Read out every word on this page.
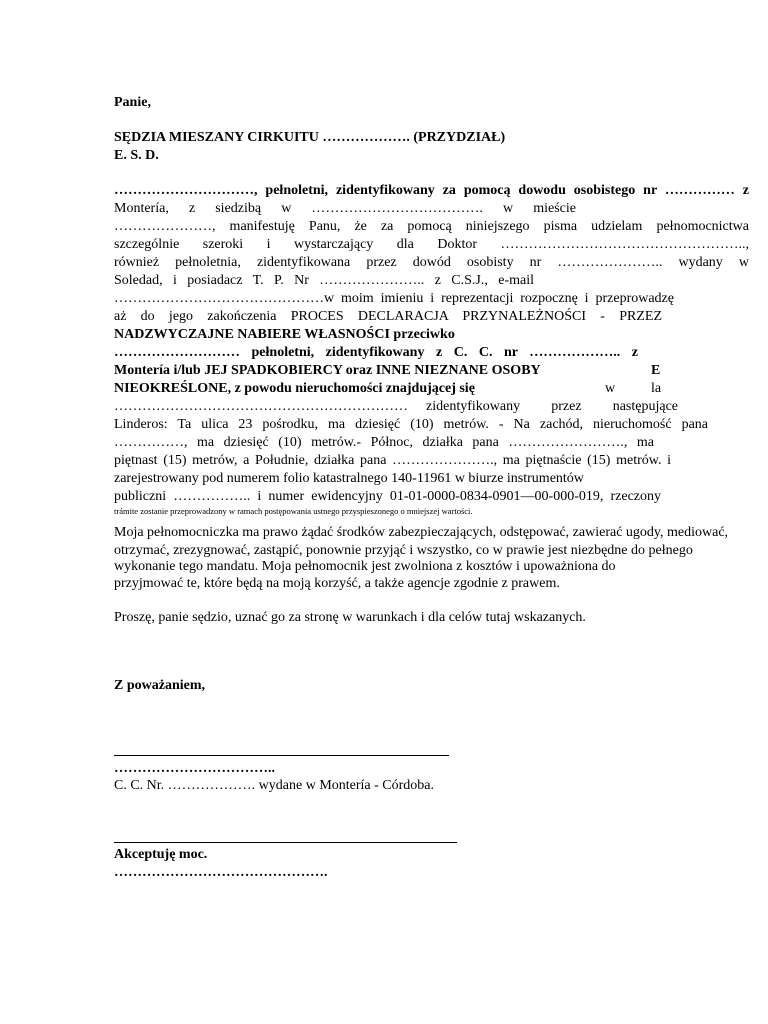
Panie,
SĘDZIA MIESZANY CIRKUITU ………………. (PRZYDZIAŁ)
E. S. D.
…………………………, pełnoletni, zidentyfikowany za pomocą dowodu osobistego nr …………… z
Montería, z siedzibą w ………………………………. w mieście
…………………, manifestuję Panu, że za pomocą niniejszego pisma udzielam pełnomocnictwa
szczególnie szeroki i wystarczający dla Doktor ……………………………………………..,
również pełnoletnia, zidentyfikowana przez dowód osobisty nr ………………….. wydany w
Soledad, i posiadacz T. P. Nr ………………….. z C.S.J., e-mail
………………………………………w moim imieniu i reprezentacji rozpocznę i przeprowadzę
aż do jego zakończenia PROCES DECLARACJA PRZYNALEŻNOŚCI - PRZEZ
NADZWYCZAJNE NABIERE WŁASNOŚCI przeciwko
……………………… pełnoletni, zidentyfikowany z C. C. nr ……………….. z
Montería i/lub JEJ SPADKOBIERCY oraz INNE NIEZNANE OSOBY	E
NIEOKREŚLONE, z powodu nieruchomości znajdującej się	w	la
……………………………………………………… zidentyfikowany przez następujące
Linderos: Ta ulica 23 pośrodku, ma dziesięć (10) metrów. - Na zachód, nieruchomość pana
……………, ma dziesięć (10) metrów.- Północ, działka pana ……………………., ma
piętnast (15) metrów, a Południe, działka pana …………………., ma piętnaście (15) metrów. i
zarejestrowany pod numerem folio katastralnego 140-11961 w biurze instrumentów
publiczni …………….. i numer ewidencyjny 01-01-0000-0834-0901—00-000-019, rzeczony
trámite zostanie przeprowadzony w ramach postępowania ustnego przyspieszonego o mniejszej wartości.
Moja pełnomocniczka ma prawo żądać środków zabezpieczających, odstępować, zawierać ugody, mediować,
otrzymać, zrezygnować, zastąpić, ponownie przyjąć i wszystko, co w prawie jest niezbędne do pełnego
wykonanie tego mandatu. Moja pełnomocnik jest zwolniona z kosztów i upoważniona do
przyjmować te, które będą na moją korzyść, a także agencje zgodnie z prawem.
Proszę, panie sędzio, uznać go za stronę w warunkach i dla celów tutaj wskazanych.
Z poważaniem,
……………………………..
C. C. Nr. ………………. wydane w Montería - Córdoba.
Akceptuję moc.
……………………………………….
